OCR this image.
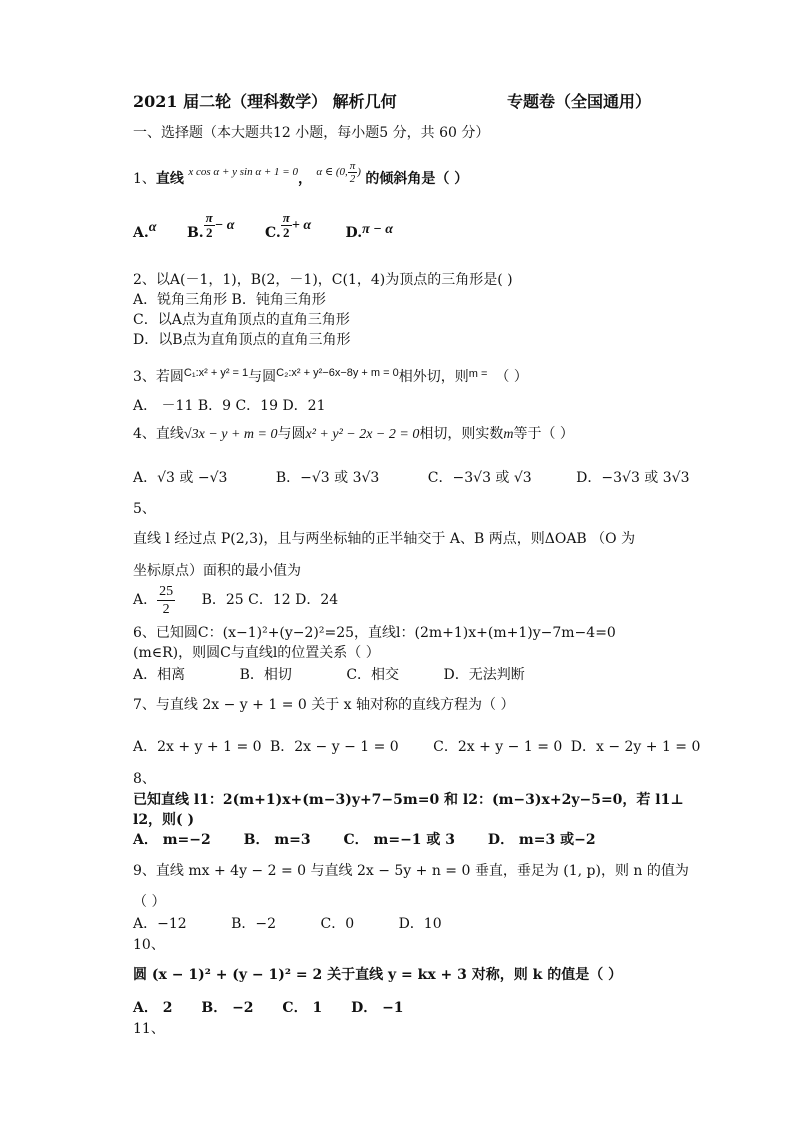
2021 届二轮（理科数学） 解析几何	专题卷（全国通用）
一、选择题（本大题共12 小题，每小题5 分，共 60 分）
1、直线 $^{x cos \alpha + y sin \alpha + 1 = 0}$， $^{\alpha \in (0, \frac{\pi}{2} )}$ 的倾斜角是（ ）
A.α B. $\frac{\pi}{2} - \alpha$ C. $\frac{\pi}{2} + \alpha$ D.π − α
2、以A(－1，1)，B(2，－1)，C(1，4)为顶点的三角形是( )
A．锐角三角形 B．钝角三角形
C．以A点为直角顶点的直角三角形
D．以B点为直角顶点的直角三角形
3、若圆$^{C_1:x^2 + y^2 = 1}$与圆$^{C_2:x^2 + y^2-6x-8y + m = 0}$相外切，则$^{m =}$ （ ）
A． －11 B．9 C．19 D．21
4、直线√3x − y + m = 0与圆x² + y² − 2x − 2 = 0相切，则实数m等于（ ）
A．√3 或 −√3	B．−√3 或 3√3	C．−3√3 或 √3	D．−3√3 或 3√3
5、
直线 l 经过点 P(2,3)，且与两坐标轴的正半轴交于 A、B 两点，则ΔOAB （O 为
坐标原点）面积的最小值为
A． $\frac{25}{2}$ B．25 C．12 D．24
6、已知圆C：(x−1)²+(y−2)²=25，直线l：(2m+1)x+(m+1)y−7m−4=0
(m∈R)，则圆C与直线l的位置关系（ ）
A．相离	B．相切	C．相交	D．无法判断
7、与直线 2x − y + 1 = 0 关于 x 轴对称的直线方程为（ ）
A．2x + y + 1 = 0 B．2x − y − 1 = 0 C．2x + y − 1 = 0 D．x − 2y + 1 = 0
8、
已知直线 l1：2(m+1)x+(m−3)y+7−5m=0 和 l2：(m−3)x+2y−5=0，若 l1⊥
l2，则( )
A． m=−2 B． m=3 C． m=−1 或 3 D． m=3 或−2
9、直线 mx + 4y − 2 = 0 与直线 2x − 5y + n = 0 垂直，垂足为 (1, p)，则 n 的值为
（ ）
A．−12	B．−2	C．0	D．10
10、
圆 (x − 1)² + (y − 1)² = 2 关于直线 y = kx + 3 对称，则 k 的值是（ ）
A． 2 B． −2 C． 1 D． −1
11、
